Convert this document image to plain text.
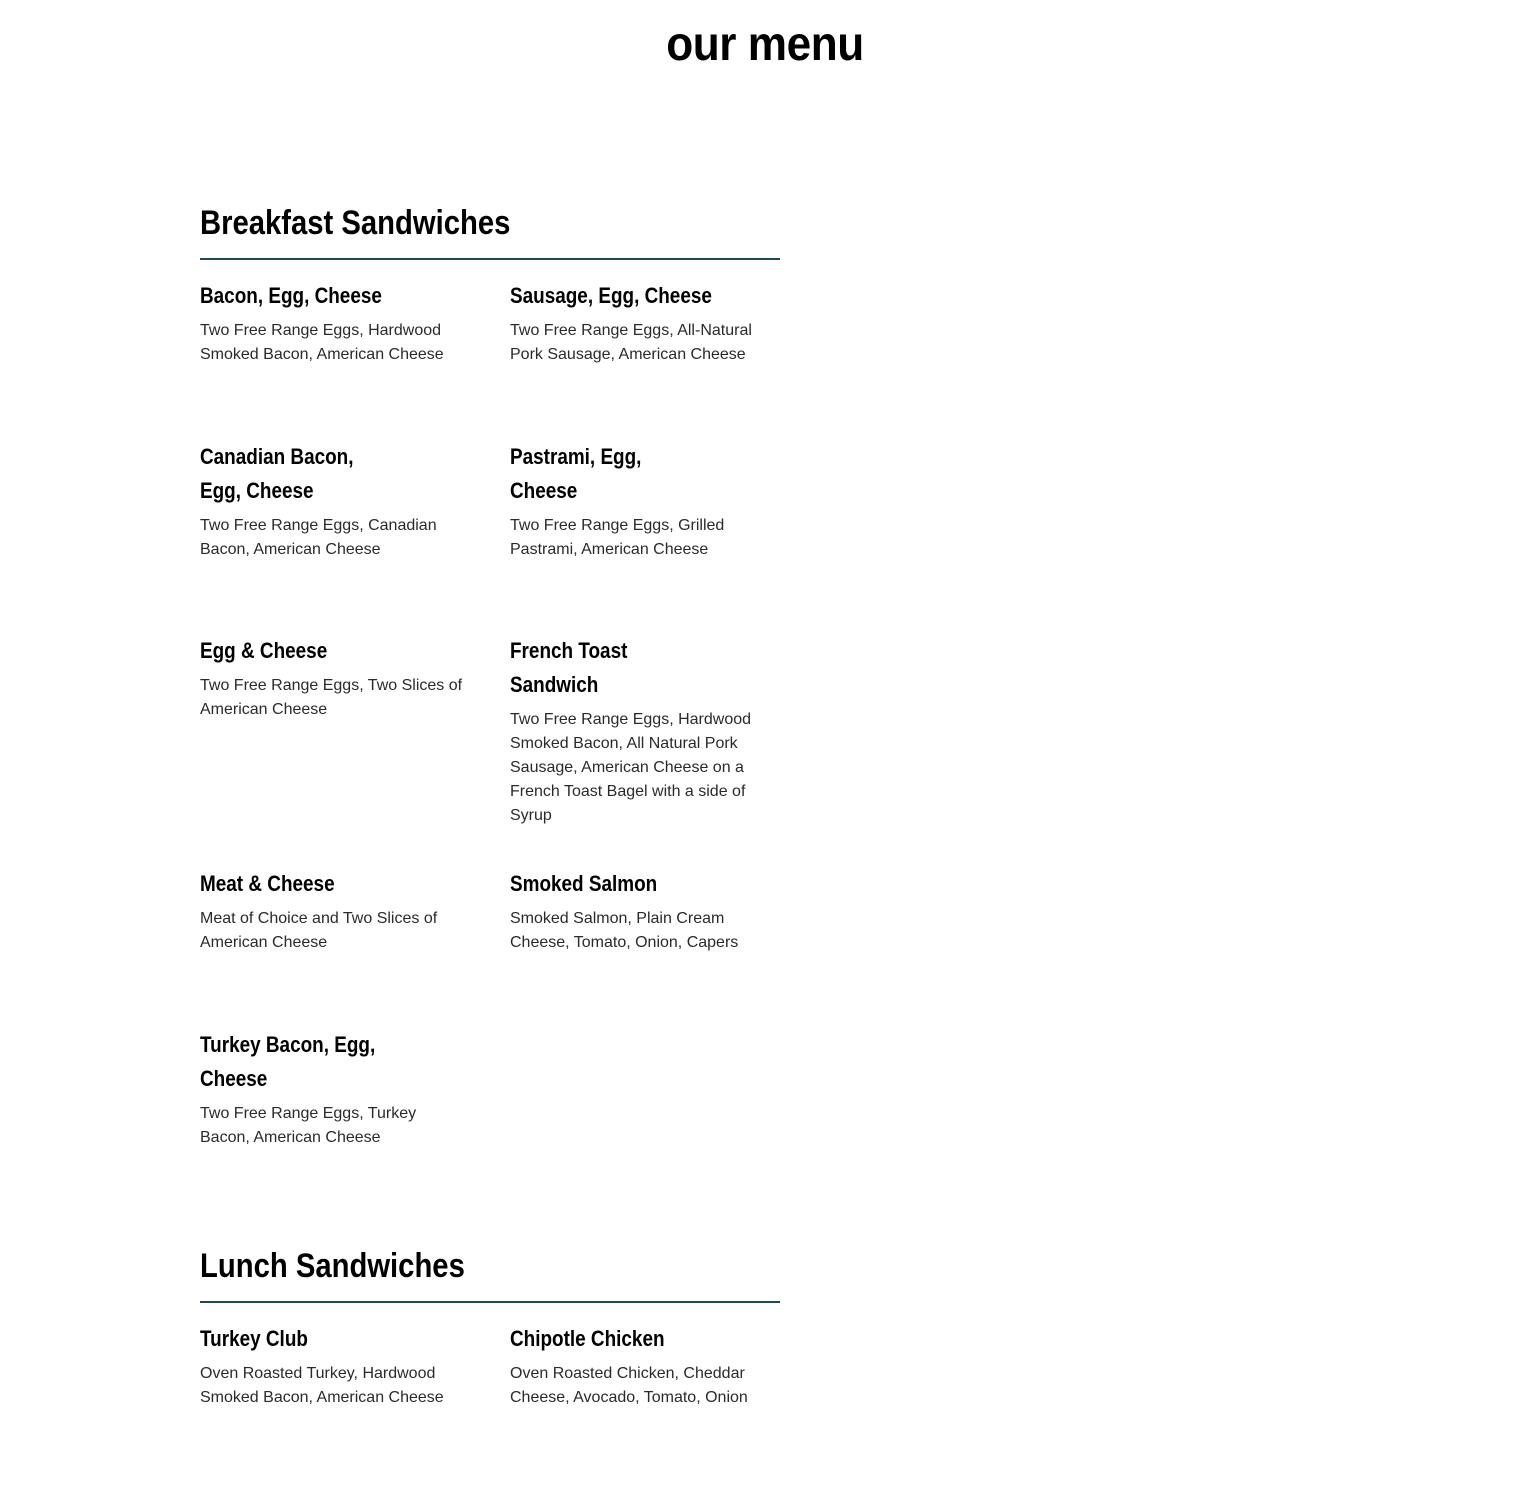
our menu
Breakfast Sandwiches

Bacon, Egg, Cheese

Two Free Range Eggs, Hardwood Smoked Bacon, American Cheese

Sausage, Egg, Cheese

Two Free Range Eggs, All-Natural Pork Sausage, American Cheese

Canadian Bacon, Egg, Cheese

Two Free Range Eggs, Canadian Bacon, American Cheese

Pastrami, Egg, Cheese

Two Free Range Eggs, Grilled Pastrami, American Cheese

Egg & Cheese

Two Free Range Eggs, Two Slices of American Cheese

French Toast Sandwich

Two Free Range Eggs, Hardwood Smoked Bacon, All Natural Pork Sausage, American Cheese on a French Toast Bagel with a side of Syrup

Meat & Cheese

Meat of Choice and Two Slices of American Cheese

Smoked Salmon

Smoked Salmon, Plain Cream Cheese, Tomato, Onion, Capers

Turkey Bacon, Egg, Cheese

Two Free Range Eggs, Turkey Bacon, American Cheese

Lunch Sandwiches

Turkey Club

Oven Roasted Turkey, Hardwood Smoked Bacon, American Cheese

Chipotle Chicken

Oven Roasted Chicken, Cheddar Cheese, Avocado, Tomato, Onion
